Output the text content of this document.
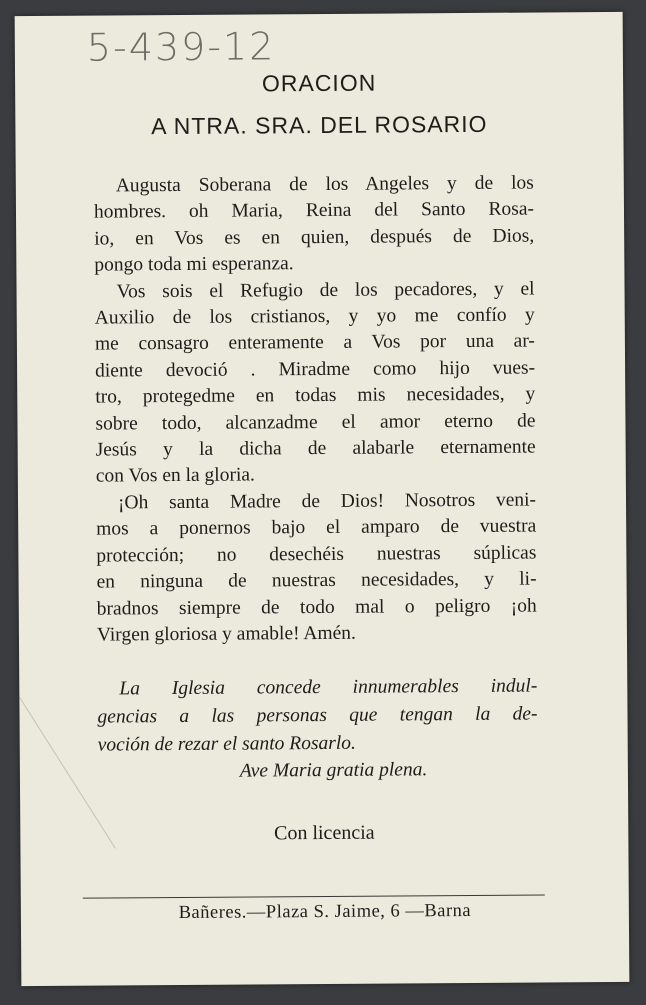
5-439-12
ORACION
A NTRA. SRA. DEL ROSARIO

Augusta Soberana de los Angeles y de los
hombres. oh Maria, Reina del Santo Rosa-
io, en Vos es en quien, después de Dios,
pongo toda mi esperanza.

Vos sois el Refugio de los pecadores, y el
Auxilio de los cristianos, y yo me confío y
me consagro enteramente a Vos por una ar-
diente devoció . Miradme como hijo vues-
tro, protegedme en todas mis necesidades, y
sobre todo, alcanzadme el amor eterno de
Jesús y la dicha de alabarle eternamente
con Vos en la gloria.

¡Oh santa Madre de Dios! Nosotros veni-
mos a ponernos bajo el amparo de vuestra
protección; no desechéis nuestras súplicas
en ninguna de nuestras necesidades, y li-
bradnos siempre de todo mal o peligro ¡oh
Virgen gloriosa y amable! Amén.

La Iglesia concede innumerables indul-
gencias a las personas que tengan la de-
voción de rezar el santo Rosarlo.
Ave Maria gratia plena.
Con licencia
Bañeres.—Plaza S. Jaime, 6 —Barna
